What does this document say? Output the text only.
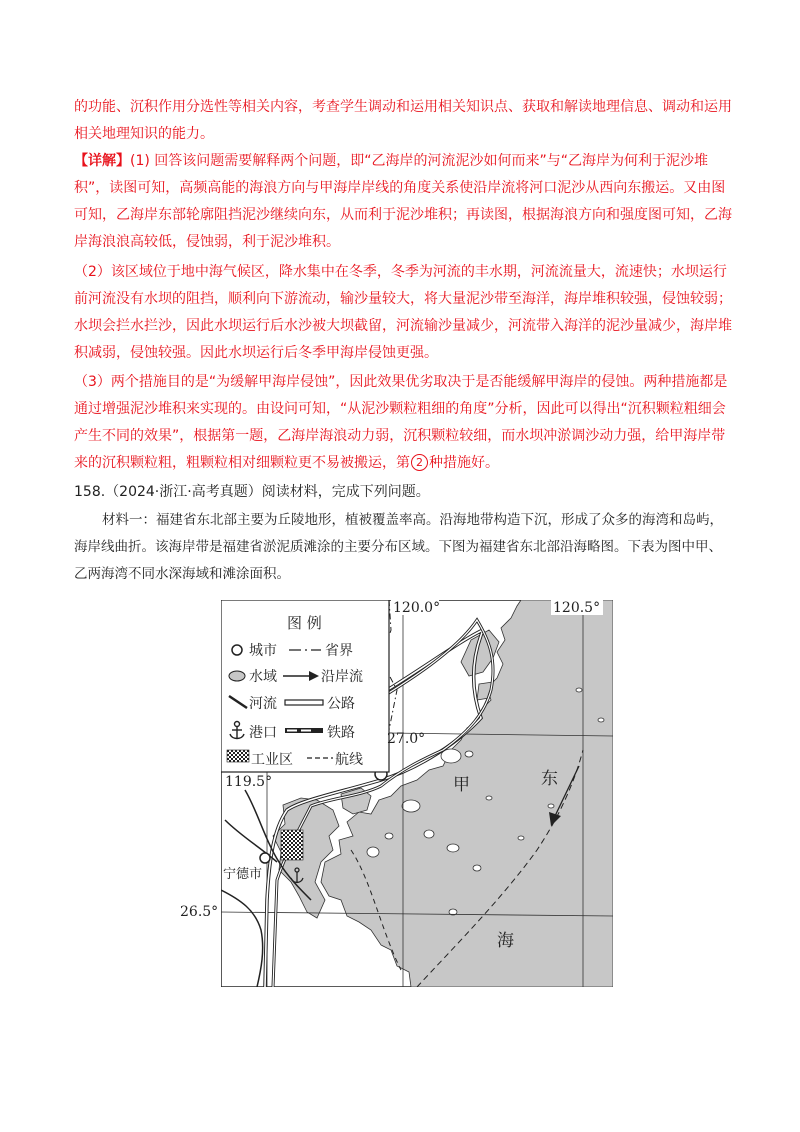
的功能、沉积作用分选性等相关内容，考查学生调动和运用相关知识点、获取和解读地理信息、调动和运用相关地理知识的能力。
【详解】(1) 回答该问题需要解释两个问题，即“乙海岸的河流泥沙如何而来”与“乙海岸为何利于泥沙堆 积”，读图可知，高频高能的海浪方向与甲海岸岸线的角度关系使沿岸流将河口泥沙从西向东搬运。又由图可知，乙海岸东部轮廓阻挡泥沙继续向东，从而利于泥沙堆积；再读图，根据海浪方向和强度图可知，乙海岸海浪浪高较低，侵蚀弱，利于泥沙堆积。
（2）该区域位于地中海气候区，降水集中在冬季，冬季为河流的丰水期，河流流量大，流速快；水坝运行前河流没有水坝的阻挡，顺利向下游流动，输沙量较大，将大量泥沙带至海洋，海岸堆积较强，侵蚀较弱；水坝会拦水拦沙，因此水坝运行后水沙被大坝截留，河流输沙量减少，河流带入海洋的泥沙量减少，海岸堆积减弱，侵蚀较强。因此水坝运行后冬季甲海岸侵蚀更强。
（3）两个措施目的是“为缓解甲海岸侵蚀”，因此效果优劣取决于是否能缓解甲海岸的侵蚀。两种措施都是通过增强泥沙堆积来实现的。由设问可知，“从泥沙颗粒粗细的角度”分析，因此可以得出“沉积颗粒粗细会产生不同的效果”，根据第一题，乙海岸海浪动力弱，沉积颗粒较细，而水坝冲淤调沙动力强，给甲海岸带来的沉积颗粒粗，粗颗粒相对细颗粒更不易被搬运，第 2 种措施好。
158.（2024·浙江·高考真题）阅读材料，完成下列问题。
材料一：福建省东北部主要为丘陵地形，植被覆盖率高。沿海地带构造下沉，形成了众多的海湾和岛屿，海岸线曲折。该海岸带是福建省淤泥质滩涂的主要分布区域。下图为福建省东北部沿海略图。下表为图中甲、乙两海湾不同水深海域和滩涂面积。
图 例
城市	省界
水域	沿岸流
河流	公路
港口	铁路
工业区	航线
120.0°	120.5°
27.0°
119.5°	甲	东
海
宁德市
26.5°
